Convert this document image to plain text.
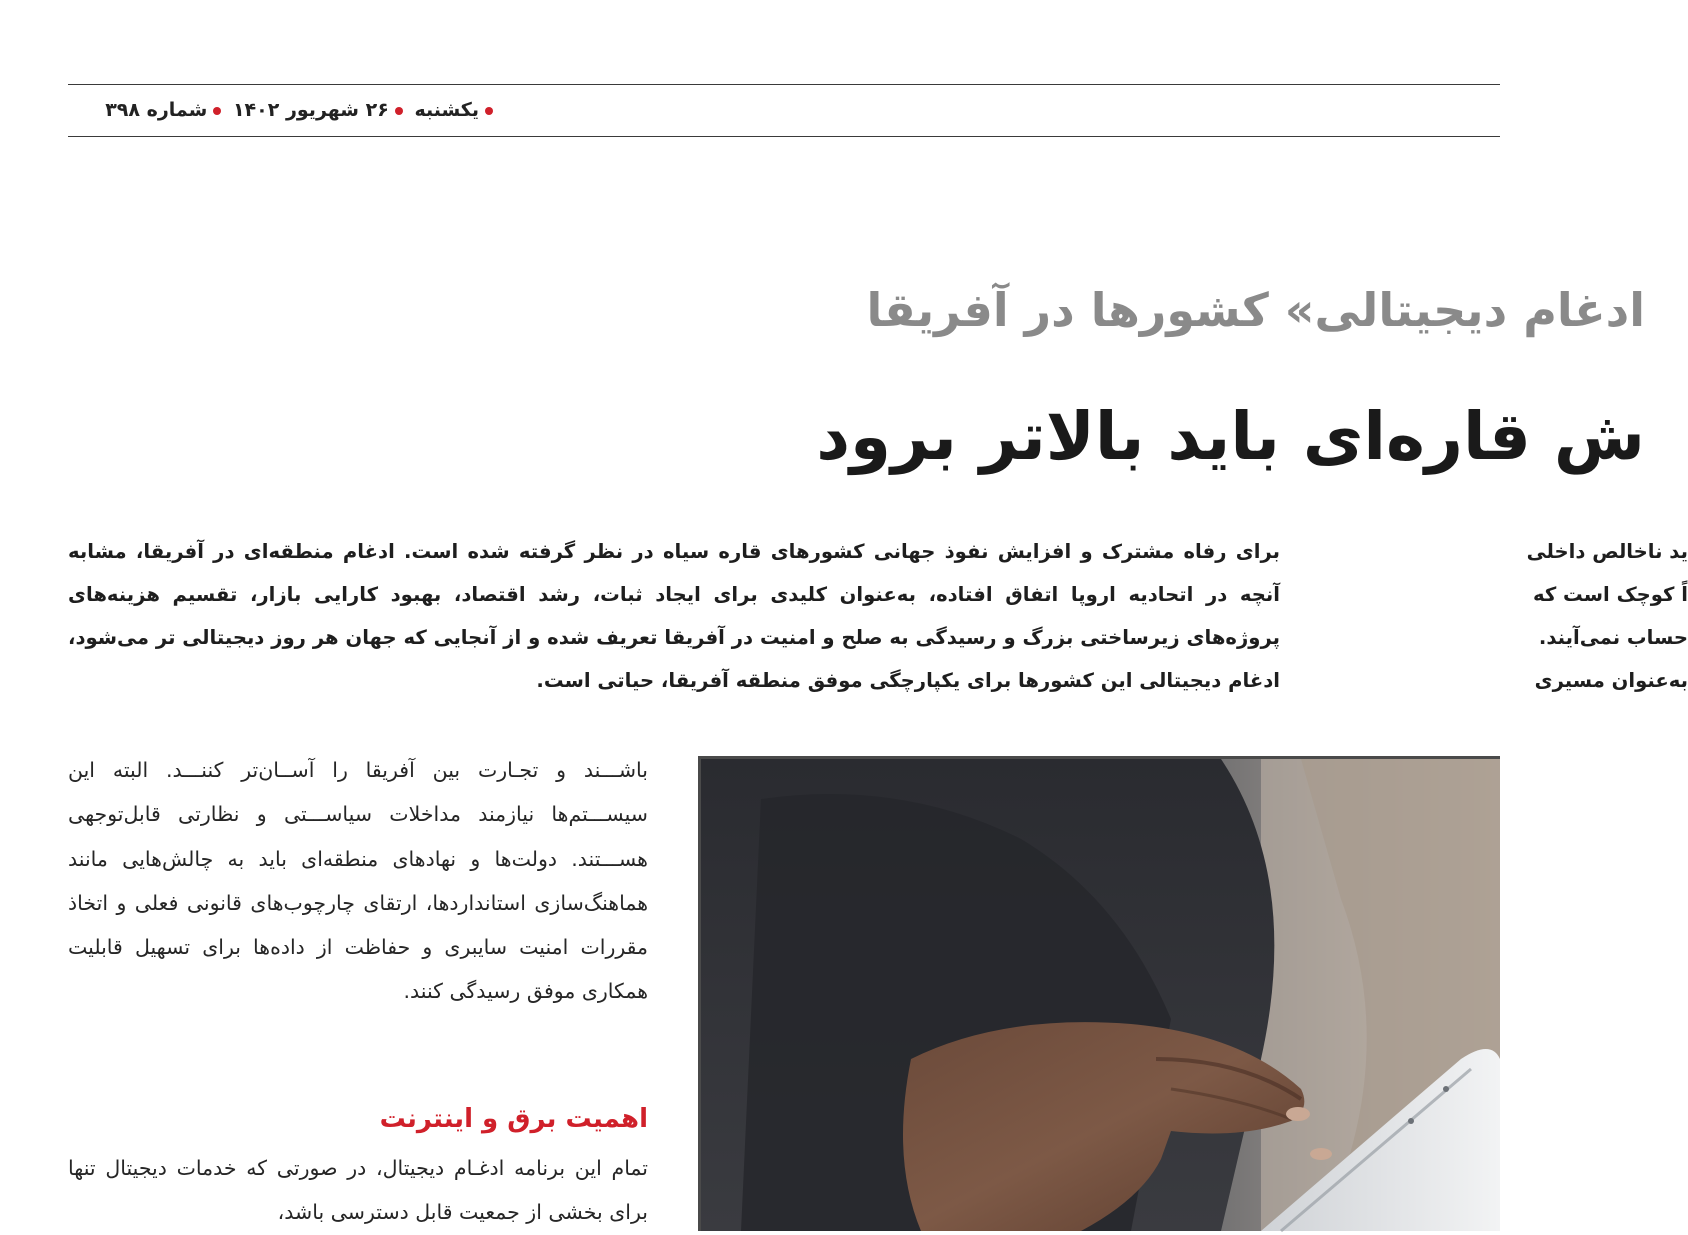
یکشنبه ۲۶ شهریور ۱۴۰۲ شماره ۳۹۸
ادغام دیجیتالی» کشورها در آفریقا
ش قاره‌ای باید بالاتر برود
برای رفاه مشترک و افزایش نفوذ جهانی کشورهای قاره سیاه در نظر گرفته شده است. ادغام منطقه‌ای در آفریقا، مشابه آنچه در اتحادیه اروپا اتفاق افتاده، به‌عنوان کلیدی برای ایجاد ثبات، رشد اقتصاد، بهبود کارایی بازار، تقسیم هزینه‌های پروژه‌های زیرساختی بزرگ و رسیدگی به صلح و امنیت در آفریقا تعریف شده و از آنجایی که جهان هر روز دیجیتالی تر می‌شود، ادغام دیجیتالی این کشورها برای یکپارچگی موفق منطقه آفریقا، حیاتی است.
ید ناخالص داخلی
اً کوچک است که
حساب نمی‌آیند.
به‌عنوان مسیری
باشـــند و تجـارت بین آفریقا را آســان‌تر کننـــد. البته این سیســـتم‌ها نیازمند مداخلات سیاســـتی و نظارتی قابل‌توجهی هســـتند. دولت‌ها و نهادهای منطقه‌ای باید به چالش‌هایی مانند هماهنگ‌سازی استانداردها، ارتقای چارچوب‌های قانونی فعلی و اتخاذ مقررات امنیت سایبری و حفاظت از داده‌ها برای تسهیل قابلیت همکاری موفق رسیدگی کنند.
اهمیت برق و اینترنت
تمام این برنامه ادغـام دیجیتال، در صورتی که خدمات دیجیتال تنها برای بخشی از جمعیت قابل دسترسی باشد،
